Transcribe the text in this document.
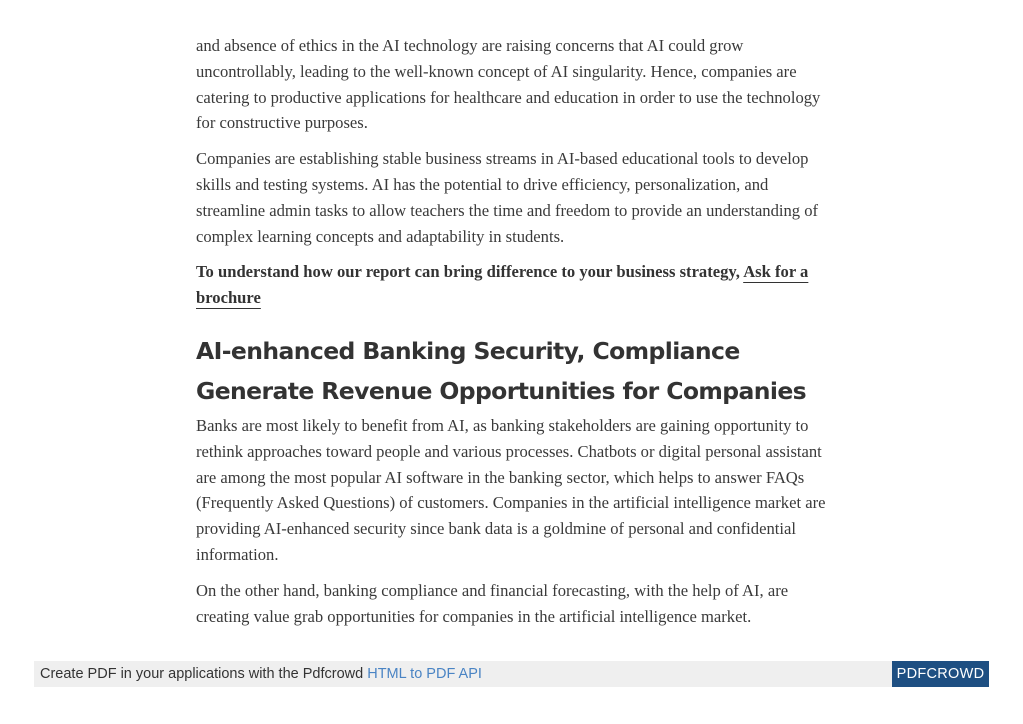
and absence of ethics in the AI technology are raising concerns that AI could grow uncontrollably, leading to the well-known concept of AI singularity. Hence, companies are catering to productive applications for healthcare and education in order to use the technology for constructive purposes.

Companies are establishing stable business streams in AI-based educational tools to develop skills and testing systems. AI has the potential to drive efficiency, personalization, and streamline admin tasks to allow teachers the time and freedom to provide an understanding of complex learning concepts and adaptability in students.

To understand how our report can bring difference to your business strategy, Ask for a brochure

AI-enhanced Banking Security, Compliance Generate Revenue Opportunities for Companies

Banks are most likely to benefit from AI, as banking stakeholders are gaining opportunity to rethink approaches toward people and various processes. Chatbots or digital personal assistant are among the most popular AI software in the banking sector, which helps to answer FAQs (Frequently Asked Questions) of customers. Companies in the artificial intelligence market are providing AI-enhanced security since bank data is a goldmine of personal and confidential information.

On the other hand, banking compliance and financial forecasting, with the help of AI, are creating value grab opportunities for companies in the artificial intelligence market.

Create PDF in your applications with the Pdfcrowd HTML to PDF API	PDFCROWD
